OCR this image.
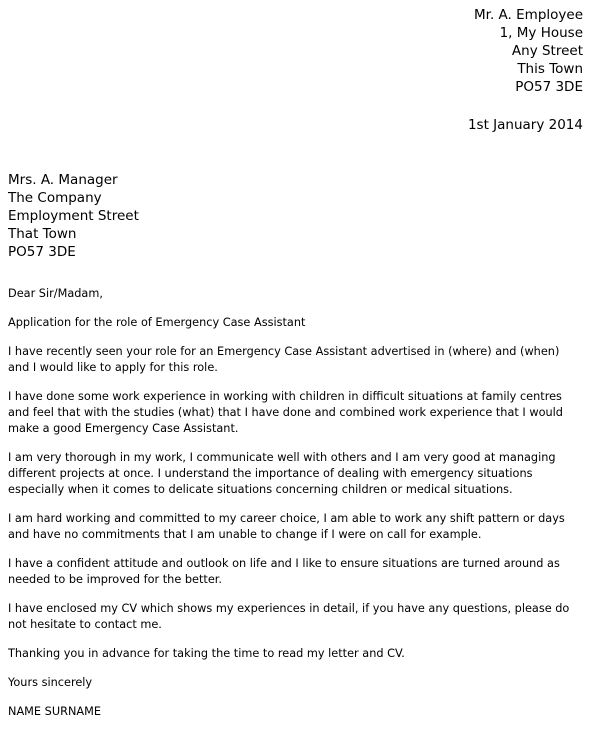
Mr. A. Employee
1, My House
Any Street
This Town
PO57 3DE
1st January 2014
Mrs. A. Manager
The Company
Employment Street
That Town
PO57 3DE

Dear Sir/Madam,

Application for the role of Emergency Case Assistant

I have recently seen your role for an Emergency Case Assistant advertised in (where) and (when) and I would like to apply for this role.

I have done some work experience in working with children in difficult situations at family centres and feel that with the studies (what) that I have done and combined work experience that I would make a good Emergency Case Assistant.

I am very thorough in my work, I communicate well with others and I am very good at managing different projects at once. I understand the importance of dealing with emergency situations especially when it comes to delicate situations concerning children or medical situations.

I am hard working and committed to my career choice, I am able to work any shift pattern or days and have no commitments that I am unable to change if I were on call for example.

I have a confident attitude and outlook on life and I like to ensure situations are turned around as needed to be improved for the better.

I have enclosed my CV which shows my experiences in detail, if you have any questions, please do not hesitate to contact me.

Thanking you in advance for taking the time to read my letter and CV.

Yours sincerely

NAME SURNAME
